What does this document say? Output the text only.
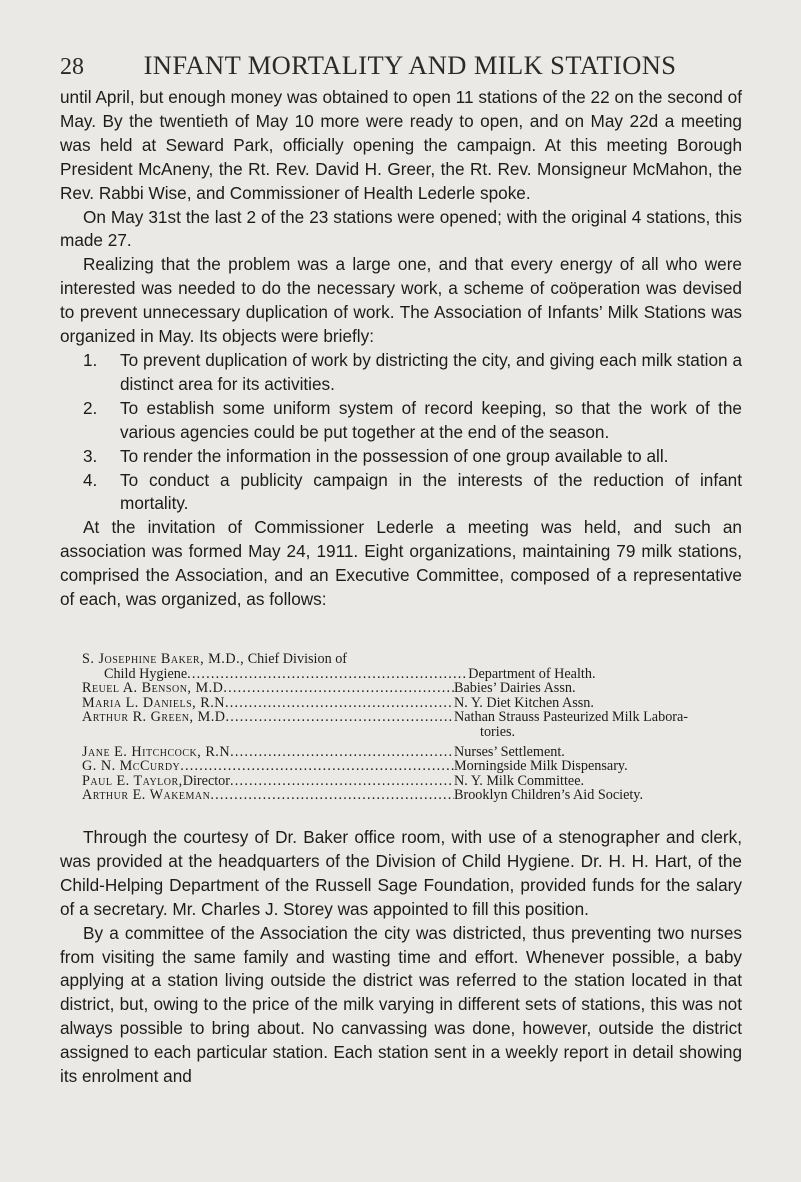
28	INFANT MORTALITY AND MILK STATIONS

until April, but enough money was obtained to open 11 stations of the 22 on the second of May. By the twentieth of May 10 more were ready to open, and on May 22d a meeting was held at Seward Park, officially opening the campaign. At this meeting Borough President McAneny, the Rt. Rev. David H. Greer, the Rt. Rev. Monsigneur McMahon, the Rev. Rabbi Wise, and Commissioner of Health Lederle spoke.

On May 31st the last 2 of the 23 stations were opened; with the original 4 stations, this made 27.

Realizing that the problem was a large one, and that every energy of all who were interested was needed to do the necessary work, a scheme of coöperation was devised to prevent unnecessary duplication of work. The Association of Infants’ Milk Stations was organized in May. Its objects were briefly:

1. To prevent duplication of work by districting the city, and giving each milk station a distinct area for its activities.
2. To establish some uniform system of record keeping, so that the work of the various agencies could be put together at the end of the season.
3. To render the information in the possession of one group available to all.
4. To conduct a publicity campaign in the interests of the reduction of infant mortality.

At the invitation of Commissioner Lederle a meeting was held, and such an association was formed May 24, 1911. Eight organizations, maintaining 79 milk stations, comprised the Association, and an Executive Committee, composed of a representative of each, was organized, as follows:

S. Josephine Baker, M.D., Chief Division of
Child Hygiene .....	Department of Health.
Reuel A. Benson, M.D .....	Babies’ Dairies Assn.
Maria L. Daniels, R.N .....	N. Y. Diet Kitchen Assn.
Arthur R. Green, M.D .....	Nathan Strauss Pasteurized Milk Labora-
tories.
Jane E. Hitchcock, R.N .....	Nurses’ Settlement.
G. N. McCurdy .....	Morningside Milk Dispensary.
Paul E. Taylor, Director .....	N. Y. Milk Committee.
Arthur E. Wakeman .....	Brooklyn Children’s Aid Society.

Through the courtesy of Dr. Baker office room, with use of a stenographer and clerk, was provided at the headquarters of the Division of Child Hygiene. Dr. H. H. Hart, of the Child-Helping Department of the Russell Sage Foundation, provided funds for the salary of a secretary. Mr. Charles J. Storey was appointed to fill this position.

By a committee of the Association the city was districted, thus preventing two nurses from visiting the same family and wasting time and effort. Whenever possible, a baby applying at a station living outside the district was referred to the station located in that district, but, owing to the price of the milk varying in different sets of stations, this was not always possible to bring about. No canvassing was done, however, outside the district assigned to each particular station. Each station sent in a weekly report in detail showing its enrolment and
